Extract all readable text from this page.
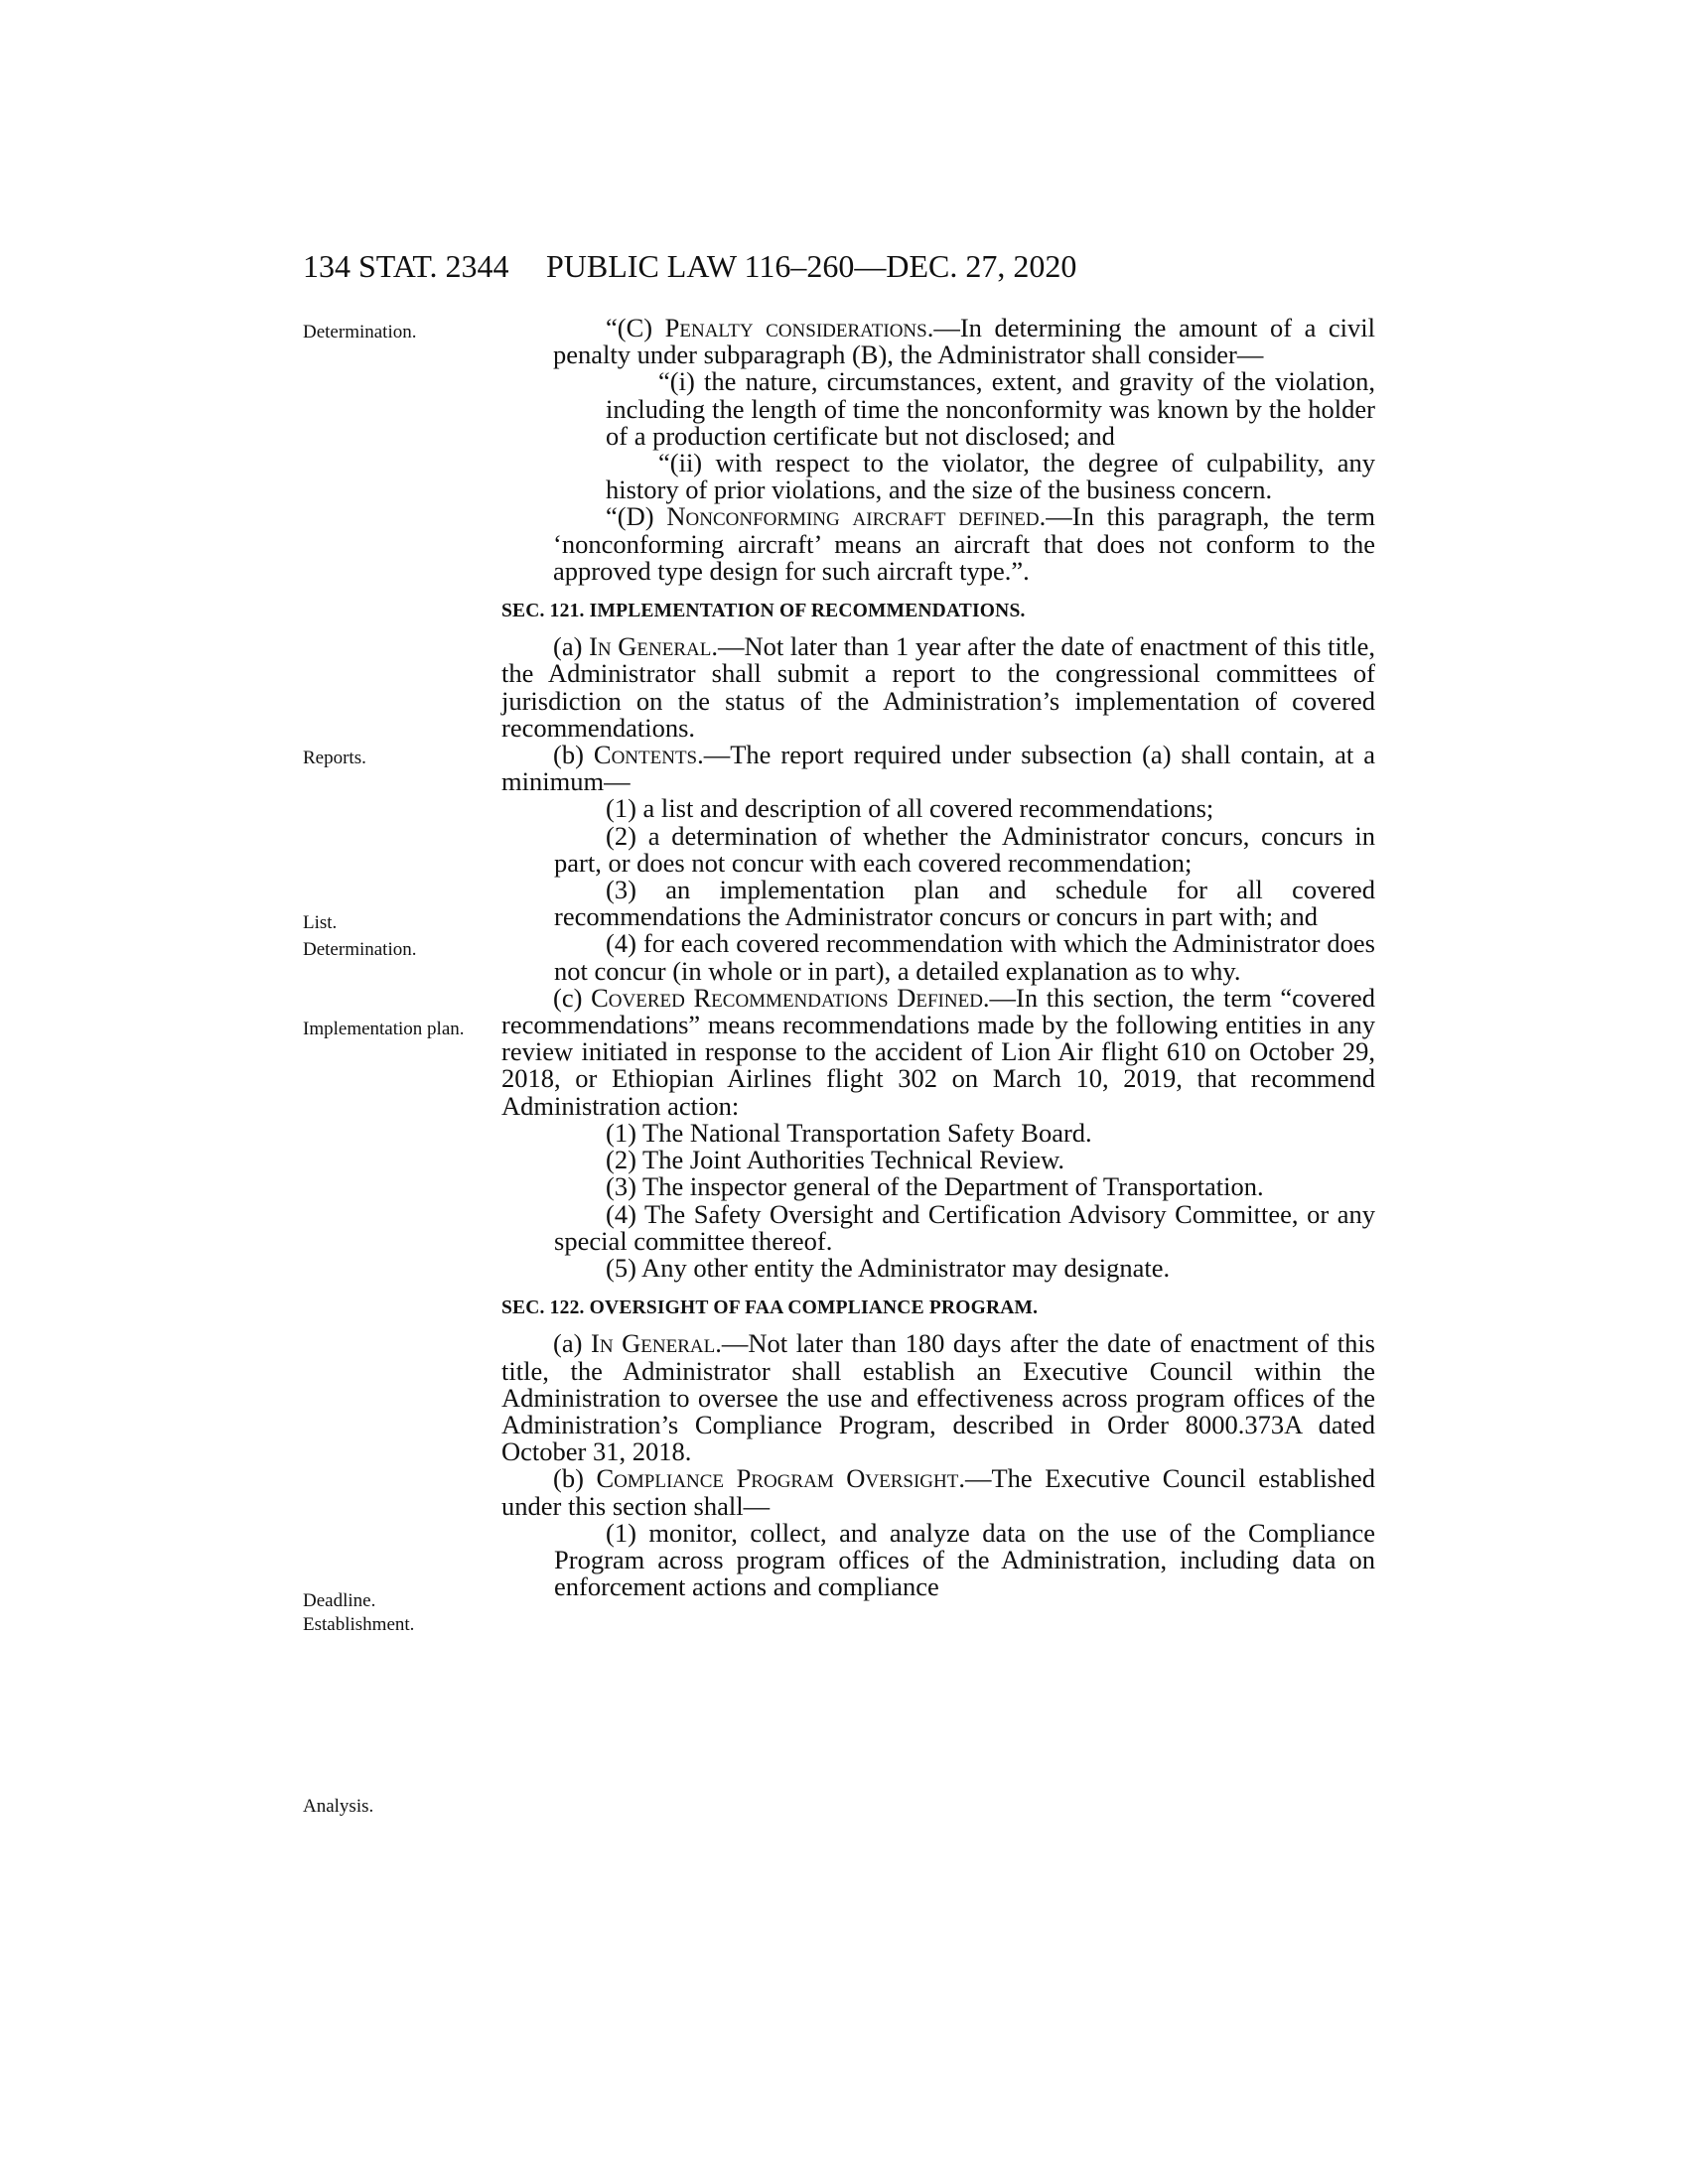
134 STAT. 2344 PUBLIC LAW 116–260—DEC. 27, 2020
Determination.
Reports.
List.
Determination.
Implementation plan.
Deadline.
Establishment.
Analysis.

“(C) Penalty considerations.—In determining the amount of a civil penalty under subparagraph (B), the Administrator shall consider—

“(i) the nature, circumstances, extent, and gravity of the violation, including the length of time the nonconformity was known by the holder of a production certificate but not disclosed; and

“(ii) with respect to the violator, the degree of culpability, any history of prior violations, and the size of the business concern.

“(D) Nonconforming aircraft defined.—In this paragraph, the term ‘nonconforming aircraft’ means an aircraft that does not conform to the approved type design for such aircraft type.”.

SEC. 121. IMPLEMENTATION OF RECOMMENDATIONS.

(a) In General.—Not later than 1 year after the date of enactment of this title, the Administrator shall submit a report to the congressional committees of jurisdiction on the status of the Administration’s implementation of covered recommendations.

(b) Contents.—The report required under subsection (a) shall contain, at a minimum—

(1) a list and description of all covered recommendations;

(2) a determination of whether the Administrator concurs, concurs in part, or does not concur with each covered recommendation;

(3) an implementation plan and schedule for all covered recommendations the Administrator concurs or concurs in part with; and

(4) for each covered recommendation with which the Administrator does not concur (in whole or in part), a detailed explanation as to why.

(c) Covered Recommendations Defined.—In this section, the term “covered recommendations” means recommendations made by the following entities in any review initiated in response to the accident of Lion Air flight 610 on October 29, 2018, or Ethiopian Airlines flight 302 on March 10, 2019, that recommend Administration action:

(1) The National Transportation Safety Board.

(2) The Joint Authorities Technical Review.

(3) The inspector general of the Department of Transportation.

(4) The Safety Oversight and Certification Advisory Committee, or any special committee thereof.

(5) Any other entity the Administrator may designate.

SEC. 122. OVERSIGHT OF FAA COMPLIANCE PROGRAM.

(a) In General.—Not later than 180 days after the date of enactment of this title, the Administrator shall establish an Executive Council within the Administration to oversee the use and effectiveness across program offices of the Administration’s Compliance Program, described in Order 8000.373A dated October 31, 2018.

(b) Compliance Program Oversight.—The Executive Council established under this section shall—

(1) monitor, collect, and analyze data on the use of the Compliance Program across program offices of the Administration, including data on enforcement actions and compliance
